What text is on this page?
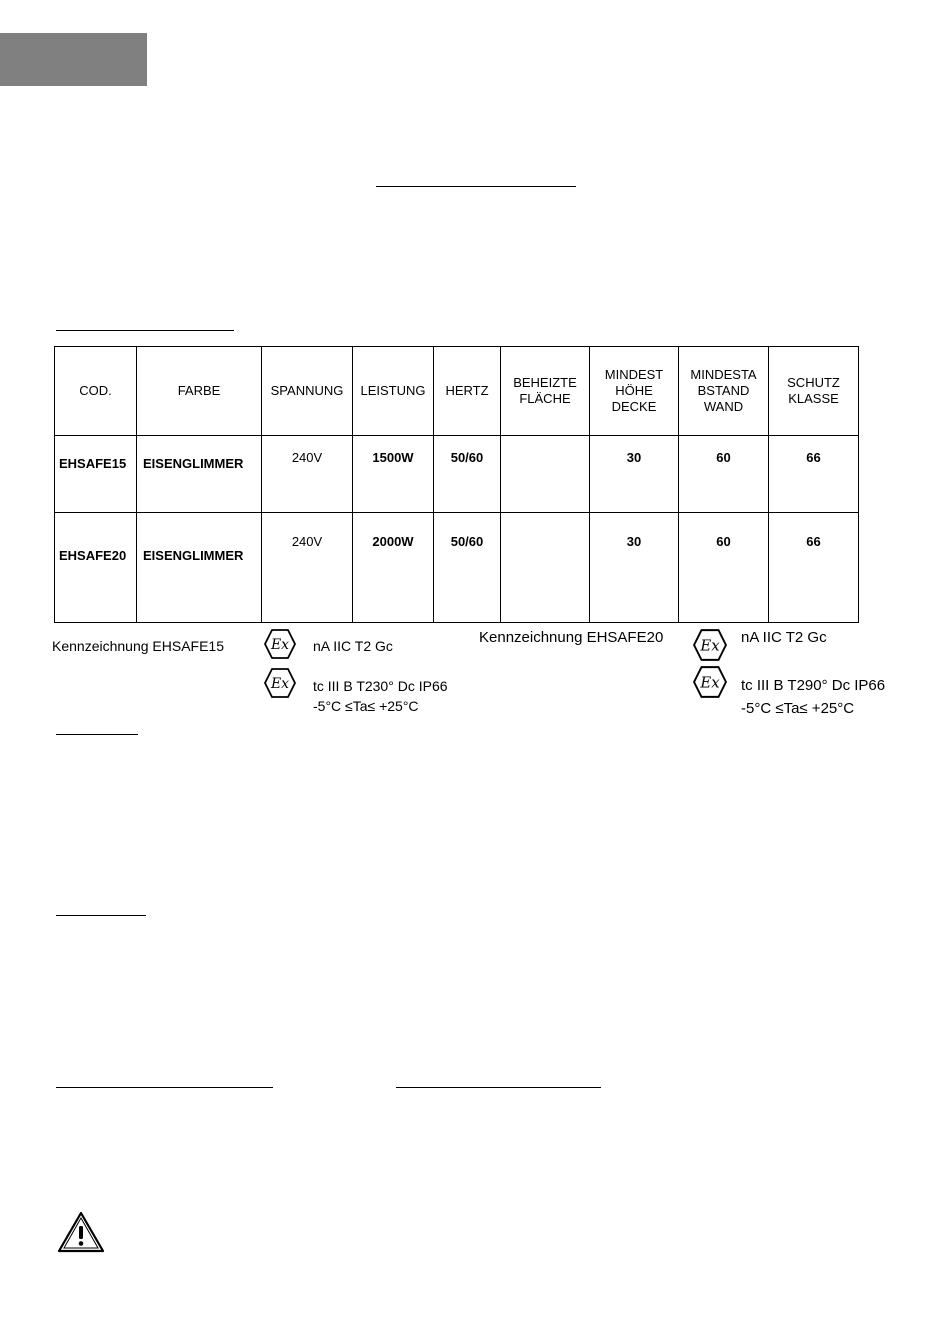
COD.	FARBE	SPANNUNG	LEISTUNG	HERTZ	BEHEIZTE FLÄCHE	MINDEST HÖHE DECKE	MINDESTA BSTAND WAND	SCHUTZ KLASSE
EHSAFE15	EISENGLIMMER	240V	1500W	50/60		30	60	66
EHSAFE20	EISENGLIMMER	240V	2000W	50/60		30	60	66
Kennzeichnung EHSAFE15	Ex nA IIC T2 Gc
Ex tc III B T230° Dc IP66
-5°C ≤Ta≤ +25°C
Kennzeichnung EHSAFE20	Ex nA IIC T2 Gc
Ex tc III B T290° Dc IP66
-5°C ≤Ta≤ +25°C
